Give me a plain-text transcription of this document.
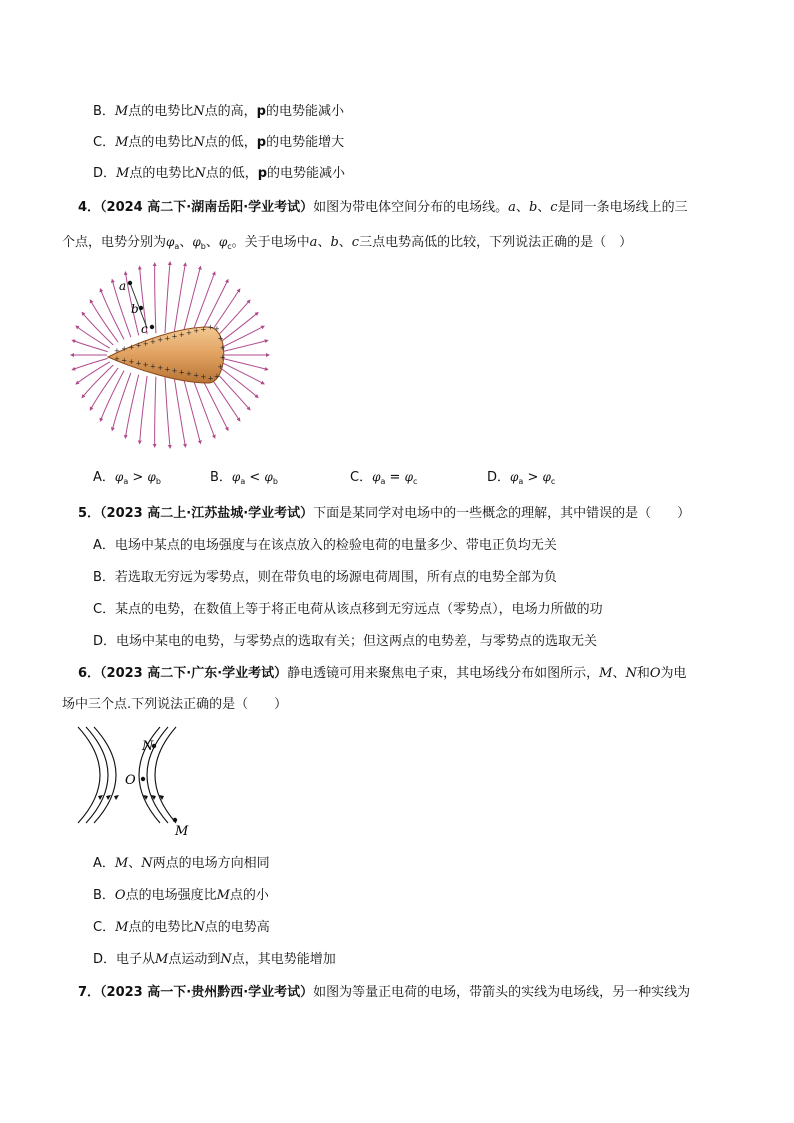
B．M点的电势比N点的高，p的电势能减小
C．M点的电势比N点的低，p的电势能增大
D．M点的电势比N点的低，p的电势能减小
4．（2024 高二下·湖南岳阳·学业考试）如图为带电体空间分布的电场线。a、b、c是同一条电场线上的三
个点，电势分别为$\varphi_a$、$\varphi_b$、$\varphi_c$。关于电场中a、b、c三点电势高低的比较，下列说法正确的是（　）
+ + + + + + + + + + + + + +
+ + + + + + + + + + + + + +
+
+
+
+
+
+
a
b
c
A．$\varphi_a > \varphi_b$	B．$\varphi_a < \varphi_b$	C．$\varphi_a = \varphi_c$	D．$\varphi_a > \varphi_c$
5．（2023 高二上·江苏盐城·学业考试）下面是某同学对电场中的一些概念的理解，其中错误的是（　　）
A．电场中某点的电场强度与在该点放入的检验电荷的电量多少、带电正负均无关
B．若选取无穷远为零势点，则在带负电的场源电荷周围，所有点的电势全部为负
C．某点的电势，在数值上等于将正电荷从该点移到无穷远点（零势点），电场力所做的功
D．电场中某电的电势，与零势点的选取有关；但这两点的电势差，与零势点的选取无关
6．（2023 高二下·广东·学业考试）静电透镜可用来聚焦电子束，其电场线分布如图所示，M、N和O为电
场中三个点.下列说法正确的是（　　）
N
O
M
A．M、N两点的电场方向相同
B．O点的电场强度比M点的小
C．M点的电势比N点的电势高
D．电子从M点运动到N点，其电势能增加
7．（2023 高一下·贵州黔西·学业考试）如图为等量正电荷的电场，带箭头的实线为电场线，另一种实线为
